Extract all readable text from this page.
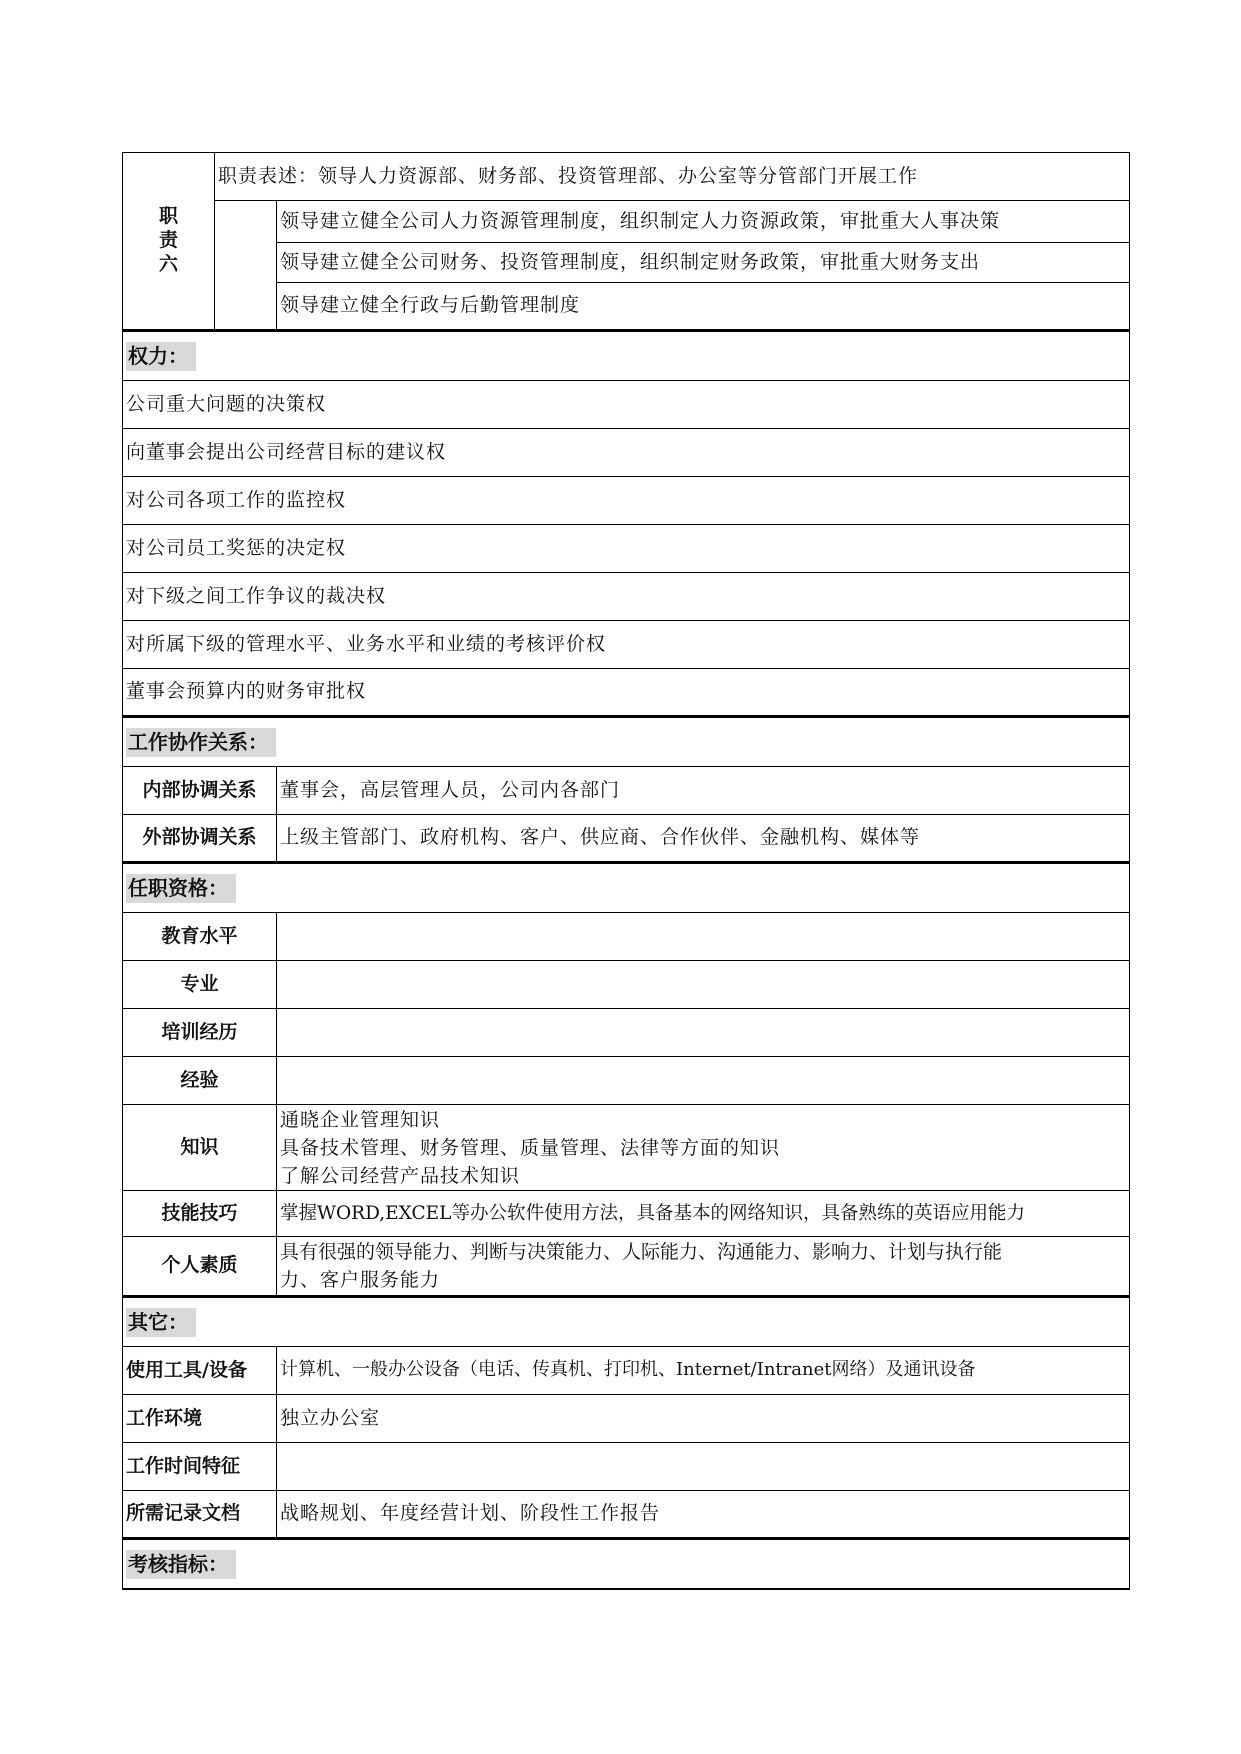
职
责
六	职责表述：领导人力资源部、财务部、投资管理部、办公室等分管部门开展工作	
		领导建立健全公司人力资源管理制度，组织制定人力资源政策，审批重大人事决策
		领导建立健全公司财务、投资管理制度，组织制定财务政策，审批重大财务支出
		领导建立健全行政与后勤管理制度
权力：		
公司重大问题的决策权		
向董事会提出公司经营目标的建议权		
对公司各项工作的监控权		
对公司员工奖惩的决定权		
对下级之间工作争议的裁决权		
对所属下级的管理水平、业务水平和业绩的考核评价权		
董事会预算内的财务审批权		
工作协作关系：		
内部协调关系		董事会，高层管理人员，公司内各部门
外部协调关系		上级主管部门、政府机构、客户、供应商、合作伙伴、金融机构、媒体等
任职资格：		
教育水平		
专业		
培训经历		
经验		
知识		通晓企业管理知识
具备技术管理、财务管理、质量管理、法律等方面的知识
了解公司经营产品技术知识

技能技巧		掌握WORD,EXCEL等办公软件使用方法，具备基本的网络知识，具备熟练的英语应用能力
个人素质		具有很强的领导能力、判断与决策能力、人际能力、沟通能力、影响力、计划与执行能
力、客户服务能力

其它：		
使用工具/设备		计算机、一般办公设备（电话、传真机、打印机、Internet/Intranet网络）及通讯设备
工作环境		独立办公室
工作时间特征		
所需记录文档		战略规划、年度经营计划、阶段性工作报告
考核指标：		
